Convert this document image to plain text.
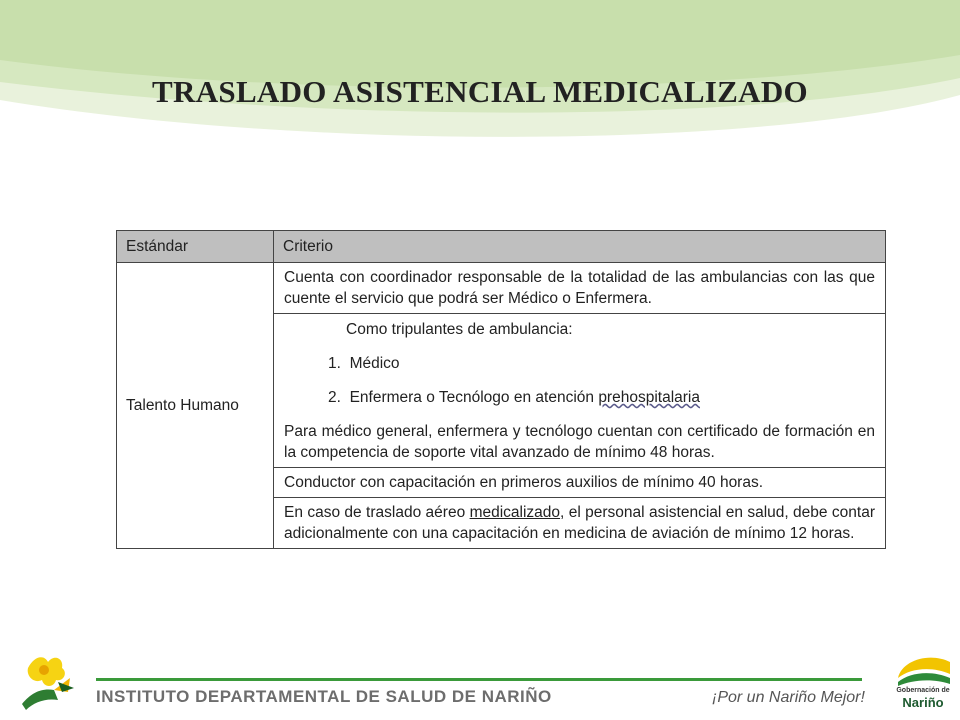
TRASLADO ASISTENCIAL MEDICALIZADO
Estándar	Criterio
Talento Humano	Cuenta con coordinador responsable de la totalidad de las ambulancias con las que cuente el servicio que podrá ser Médico o Enfermera.

	Como tripulantes de ambulancia:
1. Médico
2. Enfermera o Tecnólogo en atención prehospitalaria
Para médico general, enfermera y tecnólogo cuentan con certificado de formación en la competencia de soporte vital avanzado de mínimo 48 horas.

	Conductor con capacitación en primeros auxilios de mínimo 40 horas.
	En caso de traslado aéreo medicalizado, el personal asistencial en salud, debe contar adicionalmente con una capacitación en medicina de aviación de mínimo 12 horas.
INSTITUTO DEPARTAMENTAL DE SALUD DE NARIÑO	¡Por un Nariño Mejor!	Gobernación de
Nariño
